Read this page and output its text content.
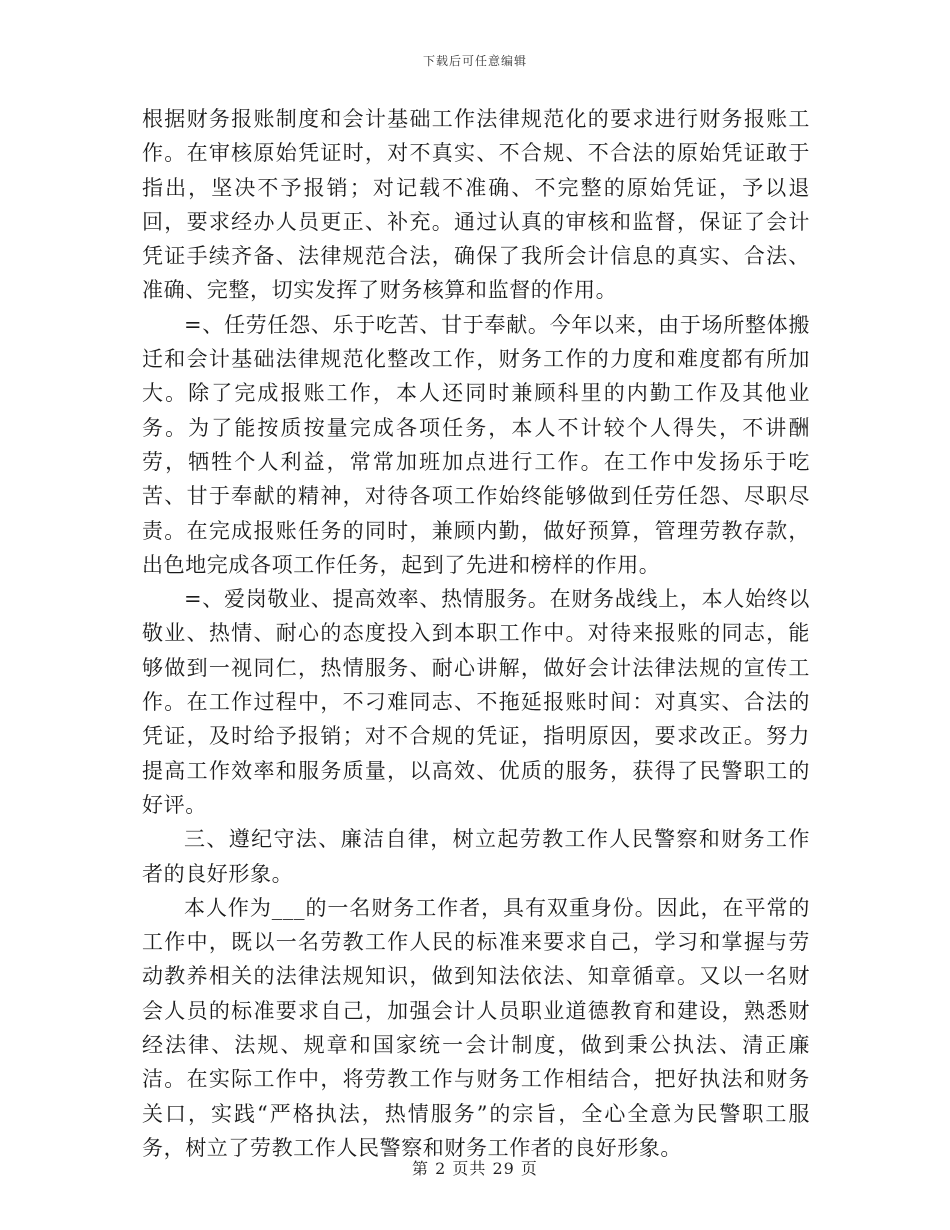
下载后可任意编辑

根据财务报账制度和会计基础工作法律规范化的要求进行财务报账工作。在审核原始凭证时，对不真实、不合规、不合法的原始凭证敢于指出，坚决不予报销；对记载不准确、不完整的原始凭证，予以退回，要求经办人员更正、补充。通过认真的审核和监督，保证了会计凭证手续齐备、法律规范合法，确保了我所会计信息的真实、合法、准确、完整，切实发挥了财务核算和监督的作用。

=、任劳任怨、乐于吃苦、甘于奉献。今年以来，由于场所整体搬迁和会计基础法律规范化整改工作，财务工作的力度和难度都有所加大。除了完成报账工作，本人还同时兼顾科里的内勤工作及其他业务。为了能按质按量完成各项任务，本人不计较个人得失，不讲酬劳，牺牲个人利益，常常加班加点进行工作。在工作中发扬乐于吃苦、甘于奉献的精神，对待各项工作始终能够做到任劳任怨、尽职尽责。在完成报账任务的同时，兼顾内勤，做好预算，管理劳教存款，出色地完成各项工作任务，起到了先进和榜样的作用。

=、爱岗敬业、提高效率、热情服务。在财务战线上，本人始终以敬业、热情、耐心的态度投入到本职工作中。对待来报账的同志，能够做到一视同仁，热情服务、耐心讲解，做好会计法律法规的宣传工作。在工作过程中，不刁难同志、不拖延报账时间：对真实、合法的凭证，及时给予报销；对不合规的凭证，指明原因，要求改正。努力提高工作效率和服务质量，以高效、优质的服务，获得了民警职工的好评。

三、遵纪守法、廉洁自律，树立起劳教工作人民警察和财务工作者的良好形象。

本人作为___的一名财务工作者，具有双重身份。因此，在平常的工作中，既以一名劳教工作人民的标准来要求自己，学习和掌握与劳动教养相关的法律法规知识，做到知法依法、知章循章。又以一名财会人员的标准要求自己，加强会计人员职业道德教育和建设，熟悉财经法律、法规、规章和国家统一会计制度，做到秉公执法、清正廉洁。在实际工作中，将劳教工作与财务工作相结合，把好执法和财务关口，实践“严格执法，热情服务”的宗旨，全心全意为民警职工服务，树立了劳教工作人民警察和财务工作者的良好形象。

第 2 页共 29 页
